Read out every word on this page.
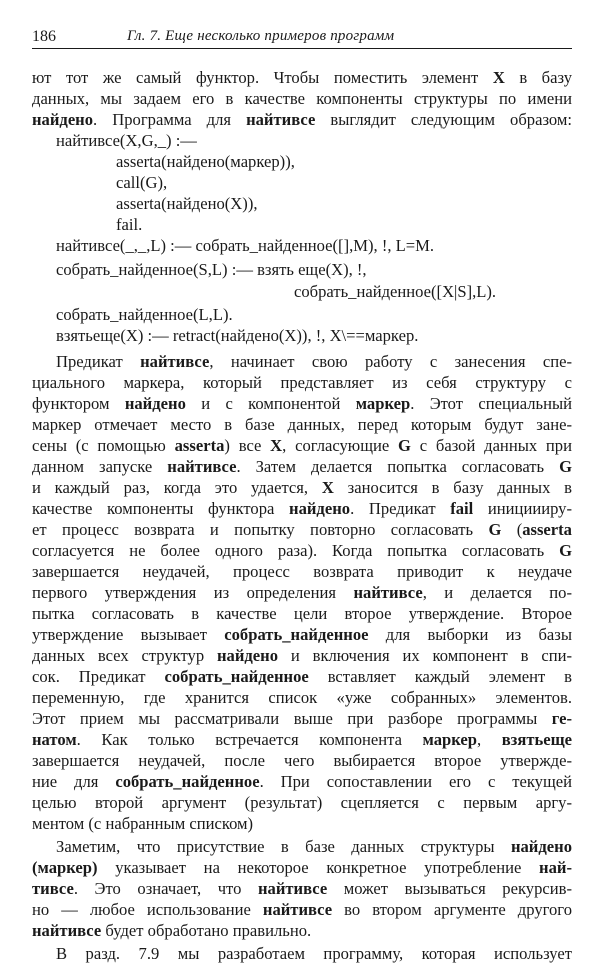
186	Гл. 7. Еще несколько примеров программ
ют тот же самый функтор. Чтобы поместить элемент X в базу
данных, мы задаем его в качестве компоненты структуры по имени
найдено. Программа для найтивсе выглядит следующим образом:
найтивсе(X,G,_) :—
asserta(найдено(маркер)),
call(G),
asserta(найдено(X)),
fail.
найтивсе(_,_,L) :— собрать_найденное([],M), !, L=M.
собрать_найденное(S,L) :— взять еще(X), !,
собрать_найденное([X|S],L).
собрать_найденное(L,L).
взятьеще(X) :— retract(найдено(X)), !, X\==маркер.
Предикат найтивсе, начинает свою работу с занесения спе-
циального маркера, который представляет из себя структуру с
функтором найдено и с компонентой маркер. Этот специальный
маркер отмечает место в базе данных, перед которым будут зане-
сены (с помощью asserta) все X, согласующие G с базой данных при
данном запуске найтивсе. Затем делается попытка согласовать G
и каждый раз, когда это удается, X заносится в базу данных в
качестве компоненты функтора найдено. Предикат fail инициииру-
ет процесс возврата и попытку повторно согласовать G (asserta
согласуется не более одного раза). Когда попытка согласовать G
завершается неудачей, процесс возврата приводит к неудаче
первого утверждения из определения найтивсе, и делается по-
пытка согласовать в качестве цели второе утверждение. Второе
утверждение вызывает собрать_найденное для выборки из базы
данных всех структур найдено и включения их компонент в спи-
сок. Предикат собрать_найденное вставляет каждый элемент в
переменную, где хранится список «уже собранных» элементов.
Этот прием мы рассматривали выше при разборе программы ге-
натом. Как только встречается компонента маркер, взятьеще
завершается неудачей, после чего выбирается второе утвержде-
ние для собрать_найденное. При сопоставлении его с текущей
целью второй аргумент (результат) сцепляется с первым аргу-
ментом (с набранным списком)
Заметим, что присутствие в базе данных структуры найдено
(маркер) указывает на некоторое конкретное употребление най-
тивсе. Это означает, что найтивсе может вызываться рекурсив-
но — любое использование найтивсе во втором аргументе другого
найтивсе будет обработано правильно.
В разд. 7.9 мы разработаем программу, которая использует
